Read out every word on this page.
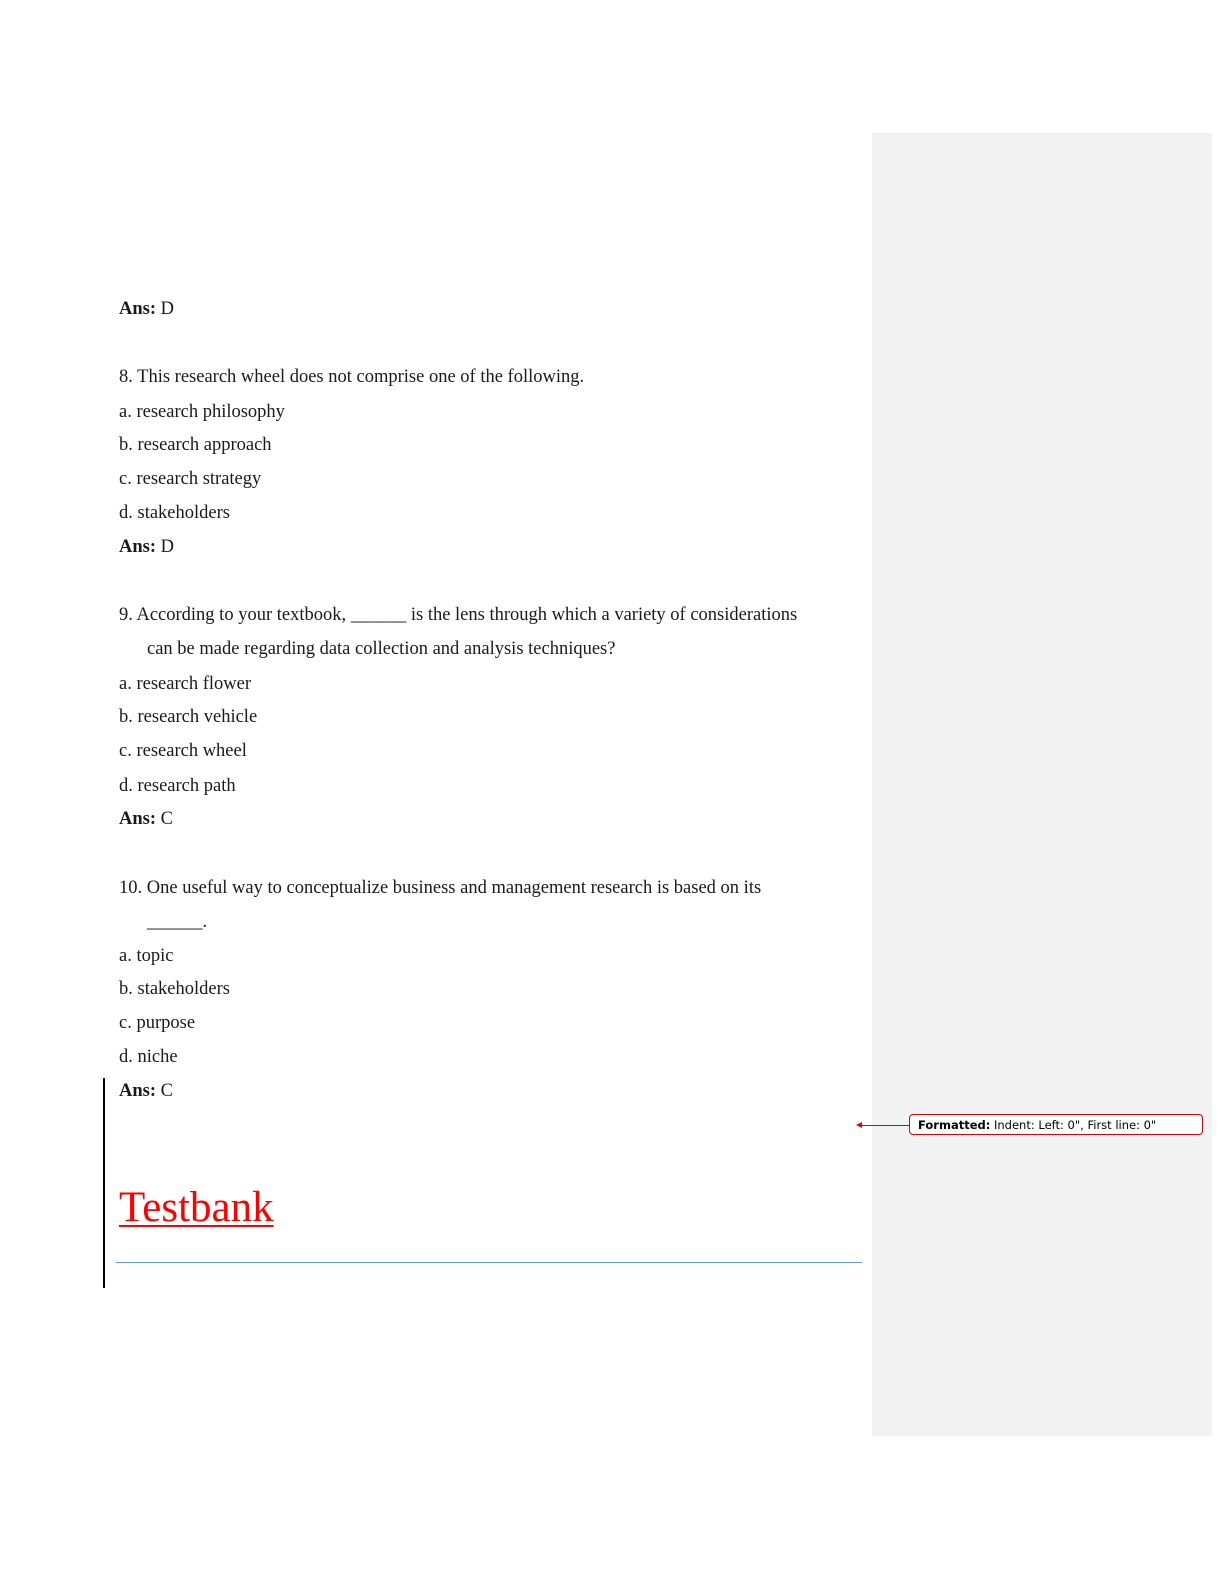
Ans: D
8. This research wheel does not comprise one of the following.
a. research philosophy
b. research approach
c. research strategy
d. stakeholders
Ans: D
9. According to your textbook, ______ is the lens through which a variety of considerations
can be made regarding data collection and analysis techniques?
a. research flower
b. research vehicle
c. research wheel
d. research path
Ans: C
10. One useful way to conceptualize business and management research is based on its
______.
a. topic
b. stakeholders
c. purpose
d. niche
Ans: C
Testbank
Formatted: Indent: Left: 0", First line: 0"
